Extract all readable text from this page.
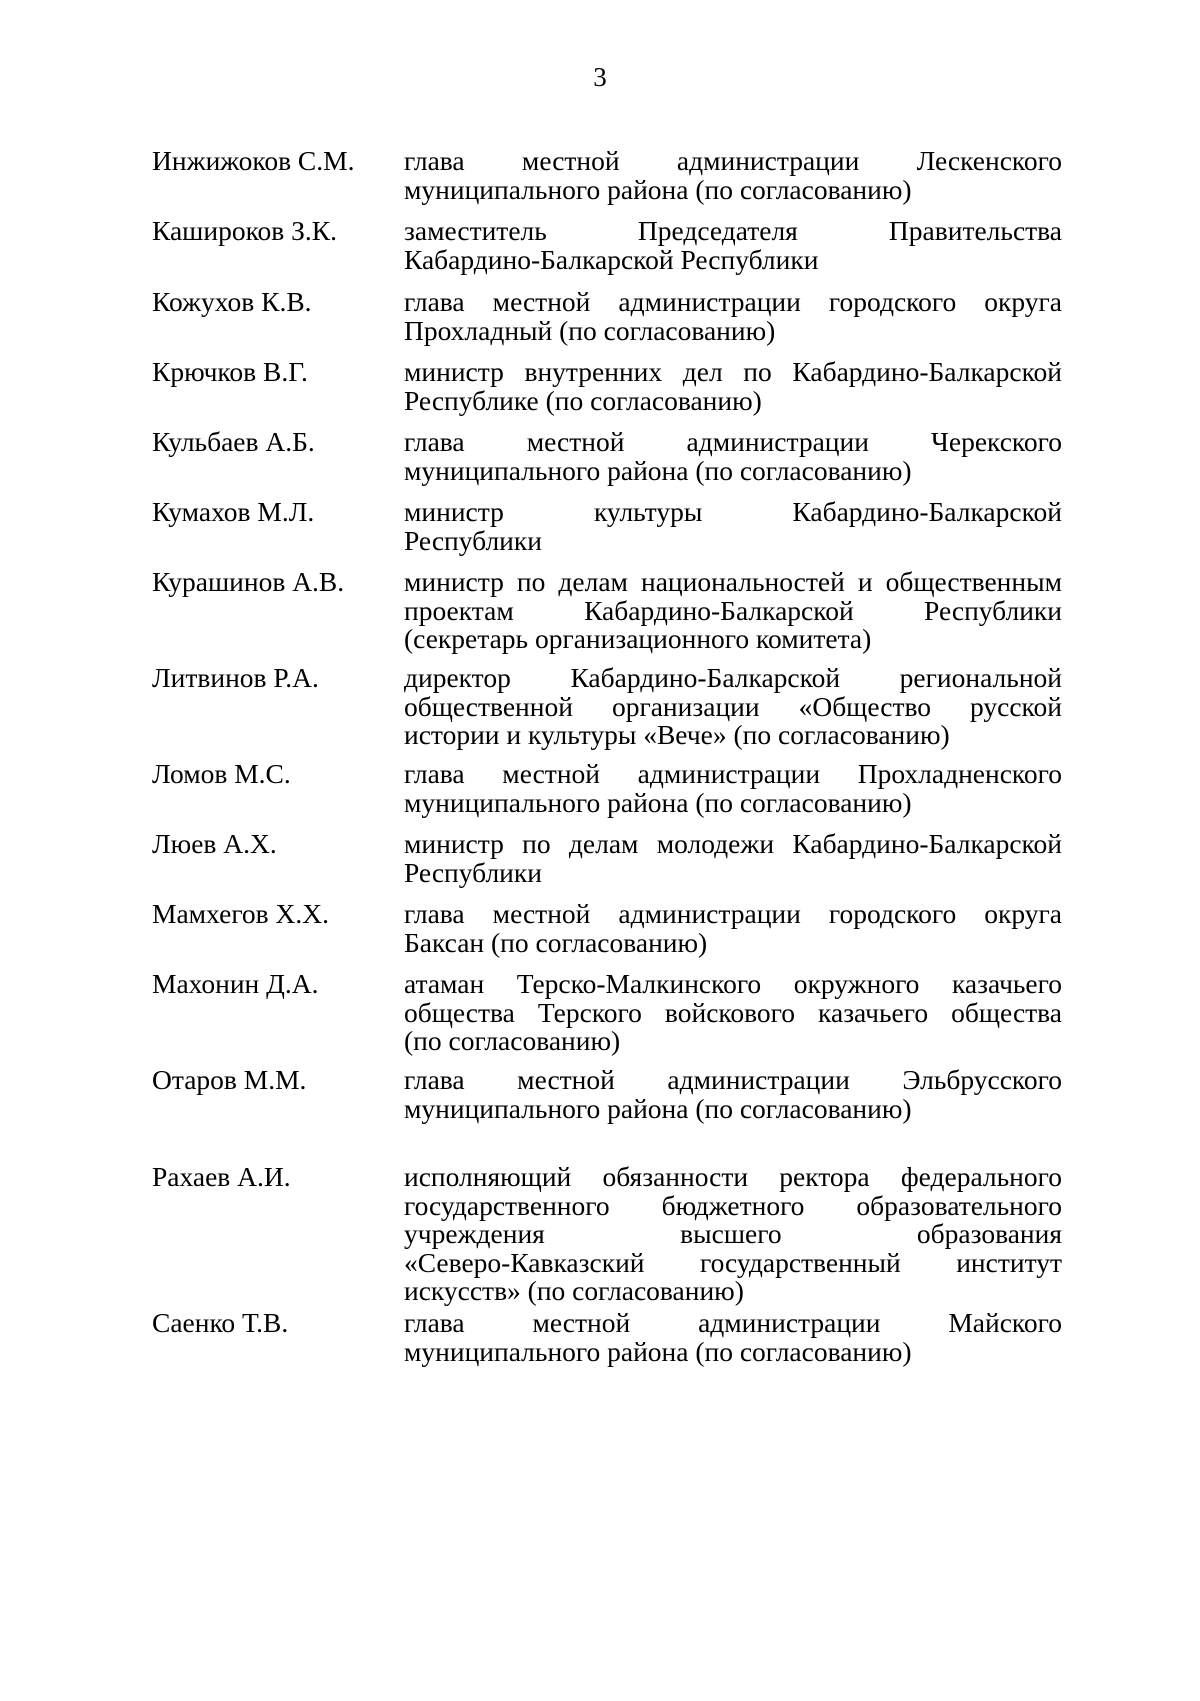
3
Инжижоков С.М. глава местной администрации Лескенского
муниципального района (по согласованию)
Кашироков З.К. заместитель Председателя Правительства
Кабардино-Балкарской Республики
Кожухов К.В.	глава местной администрации городского округа
Прохладный (по согласованию)
Крючков В.Г.	министр внутренних дел по Кабардино-Балкарской
Республике (по согласованию)
Кульбаев А.Б.	глава местной администрации Черекского
муниципального района (по согласованию)
Кумахов М.Л.	министр культуры Кабардино-Балкарской
Республики
Курашинов А.В. министр по делам национальностей и общественным
проектам Кабардино-Балкарской Республики
(секретарь организационного комитета)
Литвинов Р.А.	директор Кабардино-Балкарской региональной
общественной организации «Общество русской
истории и культуры «Вече» (по согласованию)
Ломов М.С.	глава местной администрации Прохладненского
муниципального района (по согласованию)
Люев А.Х.	министр по делам молодежи Кабардино-Балкарской
Республики
Мамхегов Х.Х.	глава местной администрации городского округа
Баксан (по согласованию)
Махонин Д.А.	атаман Терско-Малкинского окружного казачьего
общества Терского войскового казачьего общества
(по согласованию)
Отаров М.М.	глава местной администрации Эльбрусского
муниципального района (по согласованию)
Рахаев А.И.	исполняющий обязанности ректора федерального
государственного бюджетного образовательного
учреждения высшего образования
«Северо-Кавказский государственный институт
искусств» (по согласованию)
Саенко Т.В.	глава местной администрации Майского
муниципального района (по согласованию)
